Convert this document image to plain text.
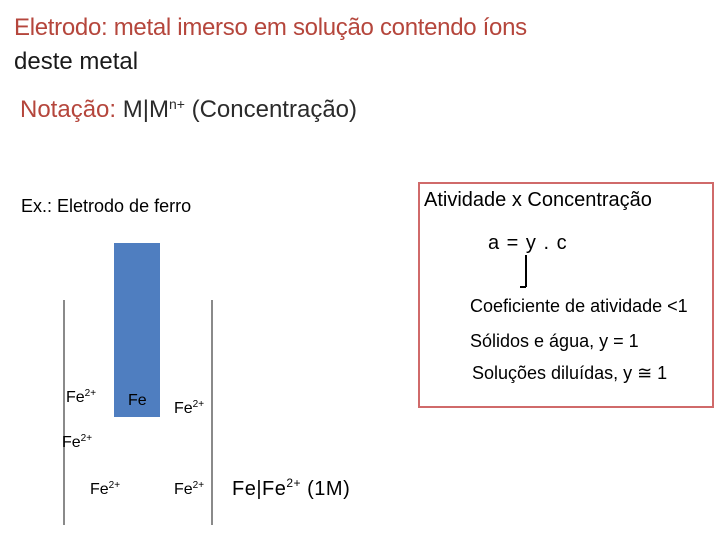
Eletrodo: metal imerso em solução contendo íons
deste metal
Notação: $M|M^{n+}$ (Concentração)
Ex.: Eletrodo de ferro
Fe
$Fe^{2+}$
$Fe^{2+}$
$Fe^{2+}$
$Fe^{2+}$	$Fe^{2+}$ $Fe|Fe^{2+}$ (1M)
Atividade x Concentração
a = y . c
Coeficiente de atividade <1
Sólidos e água, y = 1
Soluções diluídas, y ≅ 1
